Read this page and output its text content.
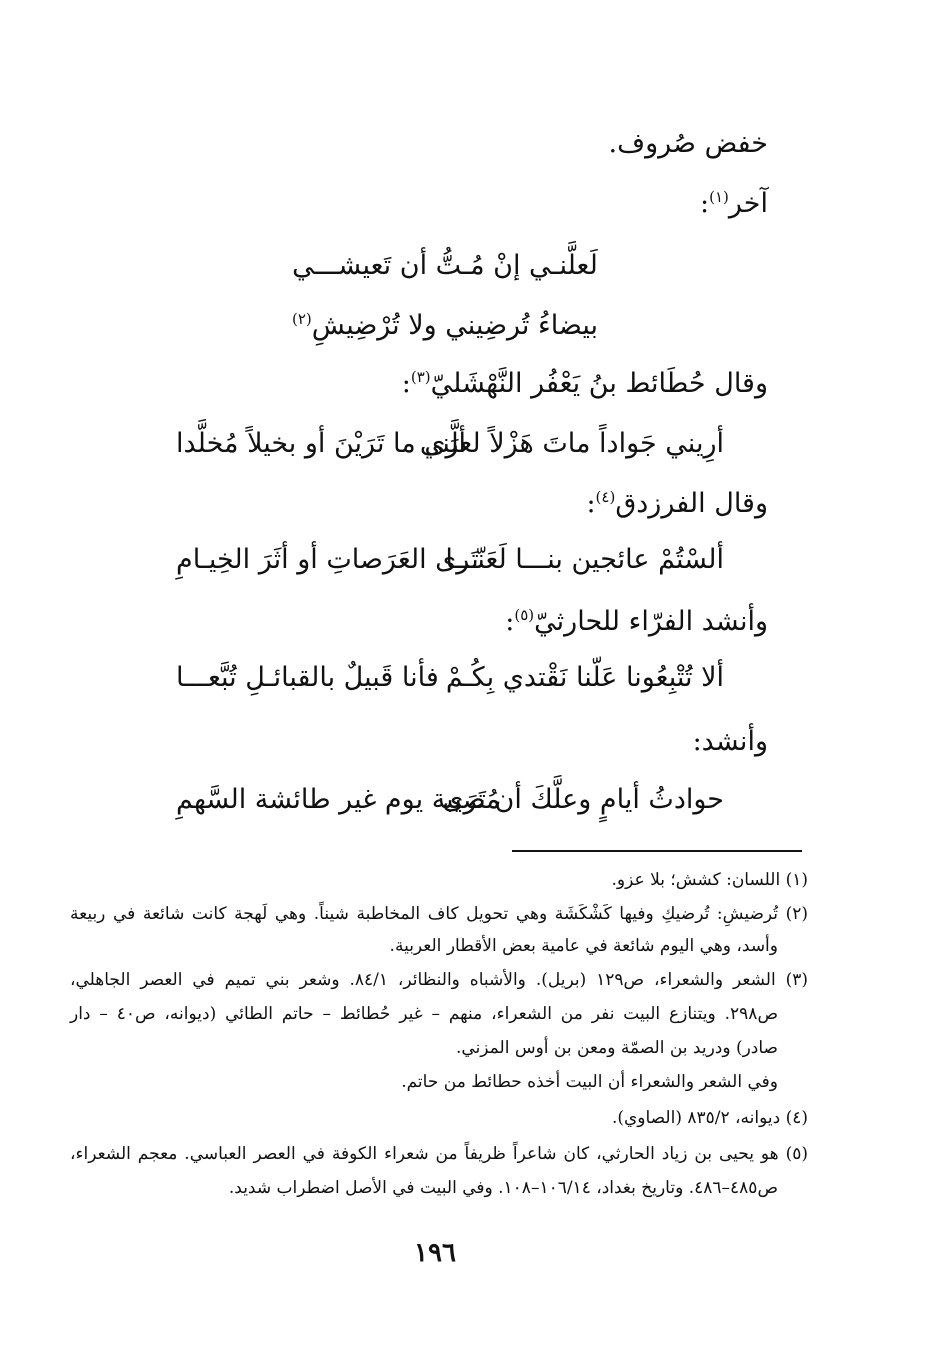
خفض صُروف.
آخر$^{(١)}$:
لَعلَّنـي إنْ مُـتُّ أن تَعيشـــي
بيضاءُ تُرضِيني ولا تُرْضِيشِ$^{(٢)}$
وقال حُطَائط بنُ يَعْفُر النَّهْشَليّ$^{(٣)}$:
أرِيني جَواداً ماتَ هَزْلاً لعلَّني
أرَى ما تَرَيْنَ أو بخيلاً مُخلَّدا
وقال الفرزدق$^{(٤)}$:
ألسْتُمْ عائجين بنـــا لَعَنّـــا
تَرى العَرَصاتِ أو أثَرَ الخِيـامِ
وأنشد الفرّاء للحارثيّ$^{(٥)}$:
ألا تُتْبِعُونا عَلّنا نَقْتدي بِكُـمْ
فأنا قَبيلٌ بالقبائـلِ تُبَّعـــا
وأنشد:
حوادثُ أيامٍ وعلَّكَ أن تَرَى
مُصيبة يوم غير طائشة السَّهمِ
(١) اللسان: كشش؛ بلا عزو.
(٢) تُرضيشِ: تُرضيكِ وفيها كَشْكَشَة وهي تحويل كاف المخاطبة شيناً. وهي لَهجة كانت شائعة في ربيعة
وأسد، وهي اليوم شائعة في عامية بعض الأقطار العربية.
(٣) الشعر والشعراء، ص١٢٩ (بريل). والأشباه والنظائر، ٨٤/١. وشعر بني تميم في العصر الجاهلي،
ص٢٩٨. ويتنازع البيت نفر من الشعراء، منهم – غير حُطائط – حاتم الطائي (ديوانه، ص٤٠ – دار
صادر) ودريد بن الصمّة ومعن بن أوس المزني.
وفي الشعر والشعراء أن البيت أخذه حطائط من حاتم.
(٤) ديوانه، ٨٣٥/٢ (الصاوي).
(٥) هو يحيى بن زياد الحارثي، كان شاعراً ظريفاً من شعراء الكوفة في العصر العباسي. معجم الشعراء،
ص٤٨٥–٤٨٦. وتاريخ بغداد، ١٠٦/١٤–١٠٨. وفي البيت في الأصل اضطراب شديد.
١٩٦
